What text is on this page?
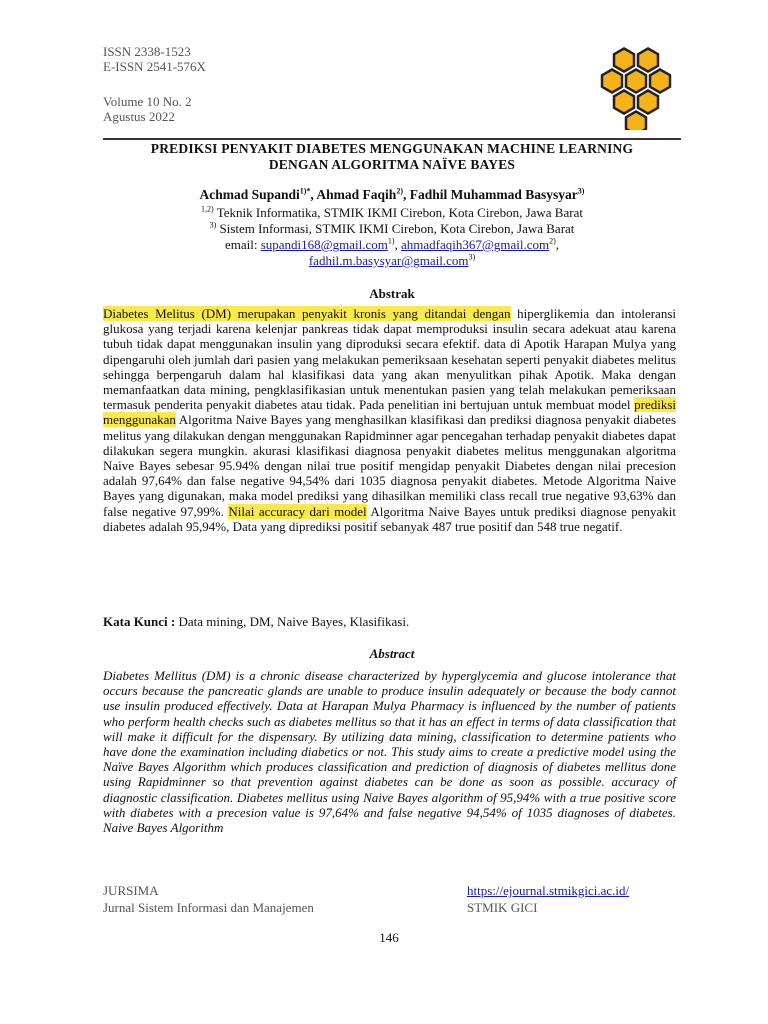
ISSN 2338-1523
E-ISSN 2541-576X
Volume 10 No. 2
Agustus 2022
PREDIKSI PENYAKIT DIABETES MENGGUNAKAN MACHINE LEARNING
DENGAN ALGORITMA NAÏVE BAYES
Achmad Supandi$^{1)*}$, Ahmad Faqih$^{2)}$, Fadhil Muhammad Basysyar$^{3)}$
$^{1,2)}$ Teknik Informatika, STMIK IKMI Cirebon, Kota Cirebon, Jawa Barat
$^{3)}$ Sistem Informasi, STMIK IKMI Cirebon, Kota Cirebon, Jawa Barat
email: supandi168@gmail.com$^{1)}$, ahmadfaqih367@gmail.com$^{2)}$,
fadhil.m.basysyar@gmail.com$^{3)}$
Abstrak

Diabetes Melitus (DM) merupakan penyakit kronis yang ditandai dengan hiperglikemia dan intoleransi glukosa yang terjadi karena kelenjar pankreas tidak dapat memproduksi insulin secara adekuat atau karena tubuh tidak dapat menggunakan insulin yang diproduksi secara efektif. data di Apotik Harapan Mulya yang dipengaruhi oleh jumlah dari pasien yang melakukan pemeriksaan kesehatan seperti penyakit diabetes melitus sehingga berpengaruh dalam hal klasifikasi data yang akan menyulitkan pihak Apotik. Maka dengan memanfaatkan data mining, pengklasifikasian untuk menentukan pasien yang telah melakukan pemeriksaan termasuk penderita penyakit diabetes atau tidak. Pada penelitian ini bertujuan untuk membuat model prediksi menggunakan Algoritma Naive Bayes yang menghasilkan klasifikasi dan prediksi diagnosa penyakit diabetes melitus yang dilakukan dengan menggunakan Rapidminner agar pencegahan terhadap penyakit diabetes dapat dilakukan segera mungkin. akurasi klasifikasi diagnosa penyakit diabetes melitus menggunakan algoritma Naive Bayes sebesar 95.94% dengan nilai true positif mengidap penyakit Diabetes dengan nilai precesion adalah 97,64% dan false negative 94,54% dari 1035 diagnosa penyakit diabetes. Metode Algoritma Naive Bayes yang digunakan, maka model prediksi yang dihasilkan memiliki class recall true negative 93,63% dan false negative 97,99%. Nilai accuracy dari model Algoritma Naive Bayes untuk prediksi diagnose penyakit diabetes adalah 95,94%, Data yang diprediksi positif sebanyak 487 true positif dan 548 true negatif.

Kata Kunci : Data mining, DM, Naive Bayes, Klasifikasi.
Abstract

Diabetes Mellitus (DM) is a chronic disease characterized by hyperglycemia and glucose intolerance that occurs because the pancreatic glands are unable to produce insulin adequately or because the body cannot use insulin produced effectively. Data at Harapan Mulya Pharmacy is influenced by the number of patients who perform health checks such as diabetes mellitus so that it has an effect in terms of data classification that will make it difficult for the dispensary. By utilizing data mining, classification to determine patients who have done the examination including diabetics or not. This study aims to create a predictive model using the Naïve Bayes Algorithm which produces classification and prediction of diagnosis of diabetes mellitus done using Rapidminner so that prevention against diabetes can be done as soon as possible. accuracy of diagnostic classification. Diabetes mellitus using Naive Bayes algorithm of 95,94% with a true positive score with diabetes with a precesion value is 97,64% and false negative 94,54% of 1035 diagnoses of diabetes. Naive Bayes Algorithm

JURSIMA
Jurnal Sistem Informasi dan Manajemen
https://ejournal.stmikgici.ac.id/
STMIK GICI
146
